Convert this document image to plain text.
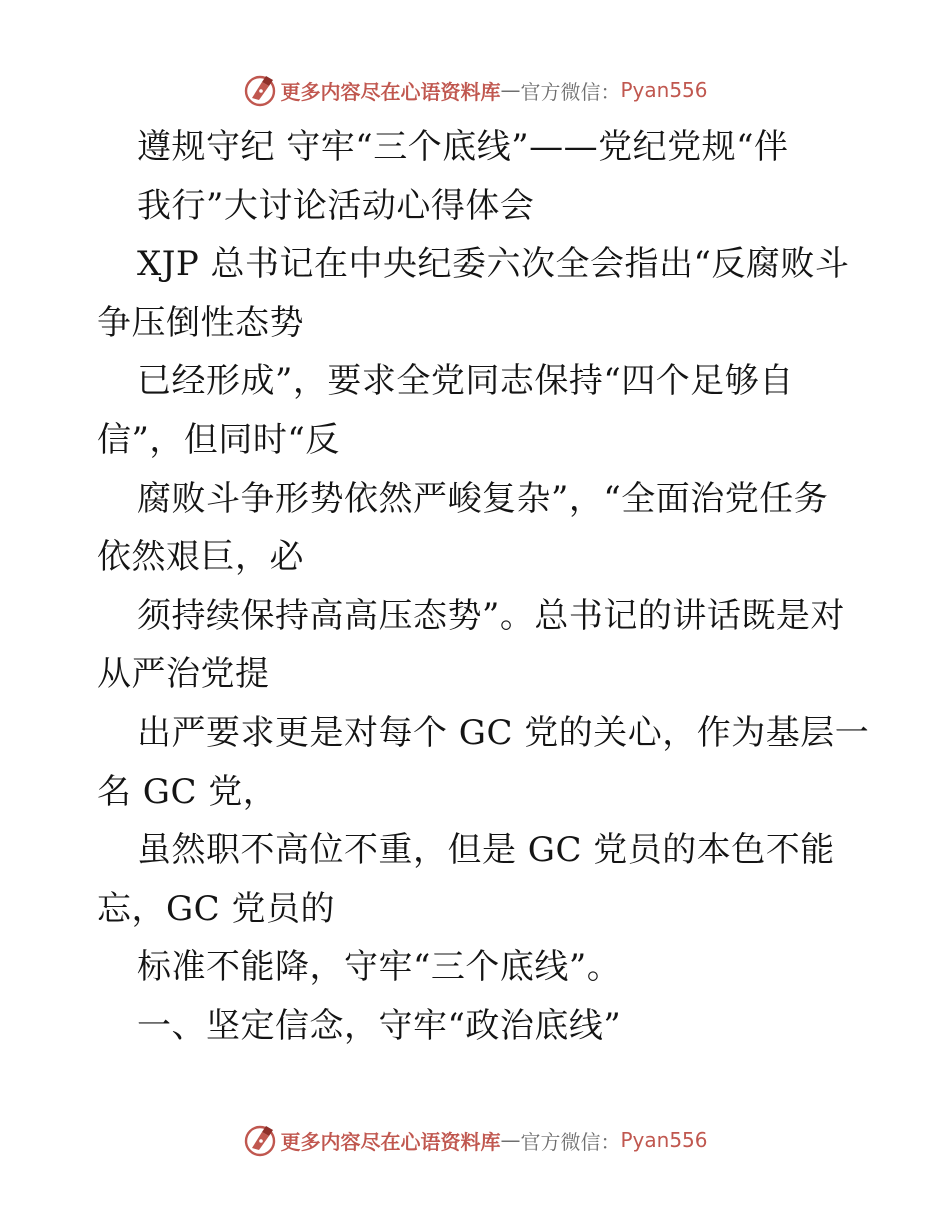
更多内容尽在心语资料库 — 官方微信： Pyan556
遵规守纪 守牢“三个底线”——党纪党规“伴
我行”大讨论活动心得体会
XJP 总书记在中央纪委六次全会指出“反腐败斗
争压倒性态势
已经形成”，要求全党同志保持“四个足够自
信”，但同时“反
腐败斗争形势依然严峻复杂”，“全面治党任务
依然艰巨，必
须持续保持高高压态势”。总书记的讲话既是对
从严治党提
出严要求更是对每个 GC 党的关心，作为基层一
名 GC 党，
虽然职不高位不重，但是 GC 党员的本色不能
忘，GC 党员的
标准不能降，守牢“三个底线”。
一、坚定信念，守牢“政治底线”
更多内容尽在心语资料库 — 官方微信： Pyan556
